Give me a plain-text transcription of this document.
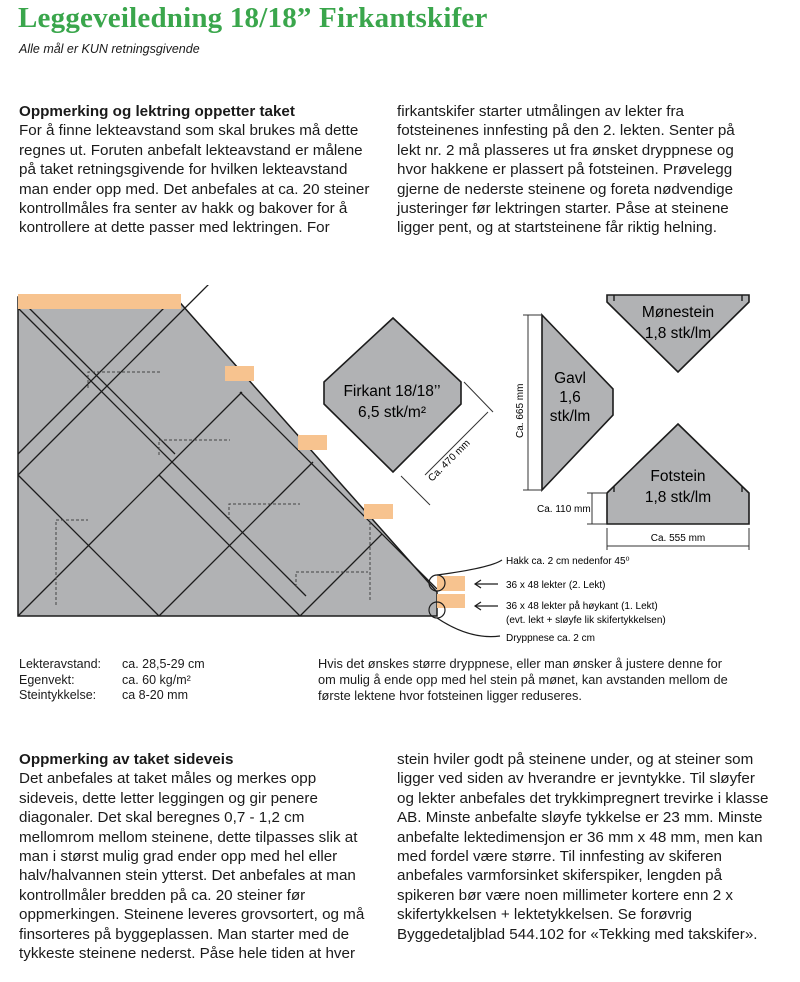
Leggeveiledning 18/18” Firkantskifer
Alle mål er KUN retningsgivende
Oppmerking og lektring oppetter taket

For å finne lekteavstand som skal brukes må dette regnes ut. Foruten anbefalt lekteavstand er målene på taket retningsgivende for hvilken lekteavstand man ender opp med. Det anbefales at ca. 20 steiner kontrollmåles fra senter av hakk og bakover for å kontrollere at dette passer med lektringen. For

firkantskifer starter utmålingen av lekter fra fotsteinenes innfesting på den 2. lekten. Senter på lekt nr. 2 må plasseres ut fra ønsket dryppnese og hvor hakkene er plassert på fotsteinen. Prøvelegg gjerne de nederste steinene og foreta nødvendige justeringer før lektringen starter. Påse at steinene ligger pent, og at startsteinene får riktig helning.

Hakk ca. 2 cm nedenfor 45⁰
36 x 48 lekter (2. Lekt)
36 x 48 lekter på høykant (1. Lekt)
(evt. lekt + sløyfe lik skifertykkelsen)
Dryppnese ca. 2 cm
Firkant 18/18’’
6,5 stk/m²
Ca. 470 mm
Gavl
1,6
stk/lm
Ca. 665 mm
Mønestein
1,8 stk/lm
Fotstein
1,8 stk/lm
Ca. 110 mm
Ca. 555 mm
Lekteravstand:	ca. 28,5-29 cm
Egenvekt:	ca. 60 kg/m²
Steintykkelse:	ca 8-20 mm
Hvis det ønskes større dryppnese, eller man ønsker å justere denne for om mulig å ende opp med hel stein på mønet, kan avstanden mellom de første lektene hvor fotsteinen ligger reduseres.
Oppmerking av taket sideveis

Det anbefales at taket måles og merkes opp sideveis, dette letter leggingen og gir penere diagonaler. Det skal beregnes 0,7 - 1,2 cm mellomrom mellom steinene, dette tilpasses slik at man i størst mulig grad ender opp med hel eller halv/halvannen stein ytterst. Det anbefales at man kontrollmåler bredden på ca. 20 steiner før oppmerkingen. Steinene leveres grovsortert, og må finsorteres på byggeplassen. Man starter med de tykkeste steinene nederst. Påse hele tiden at hver

stein hviler godt på steinene under, og at steiner som ligger ved siden av hverandre er jevntykke. Til sløyfer og lekter anbefales det trykkimpregnert trevirke i klasse AB. Minste anbefalte sløyfe tykkelse er 23 mm. Minste anbefalte lektedimensjon er 36 mm x 48 mm, men kan med fordel være større. Til innfesting av skiferen anbefales varmforsinket skiferspiker, lengden på spikeren bør være noen millimeter kortere enn 2 x skifertykkelsen + lektetykkelsen. Se forøvrig Byggedetaljblad 544.102 for «Tekking med takskifer».
